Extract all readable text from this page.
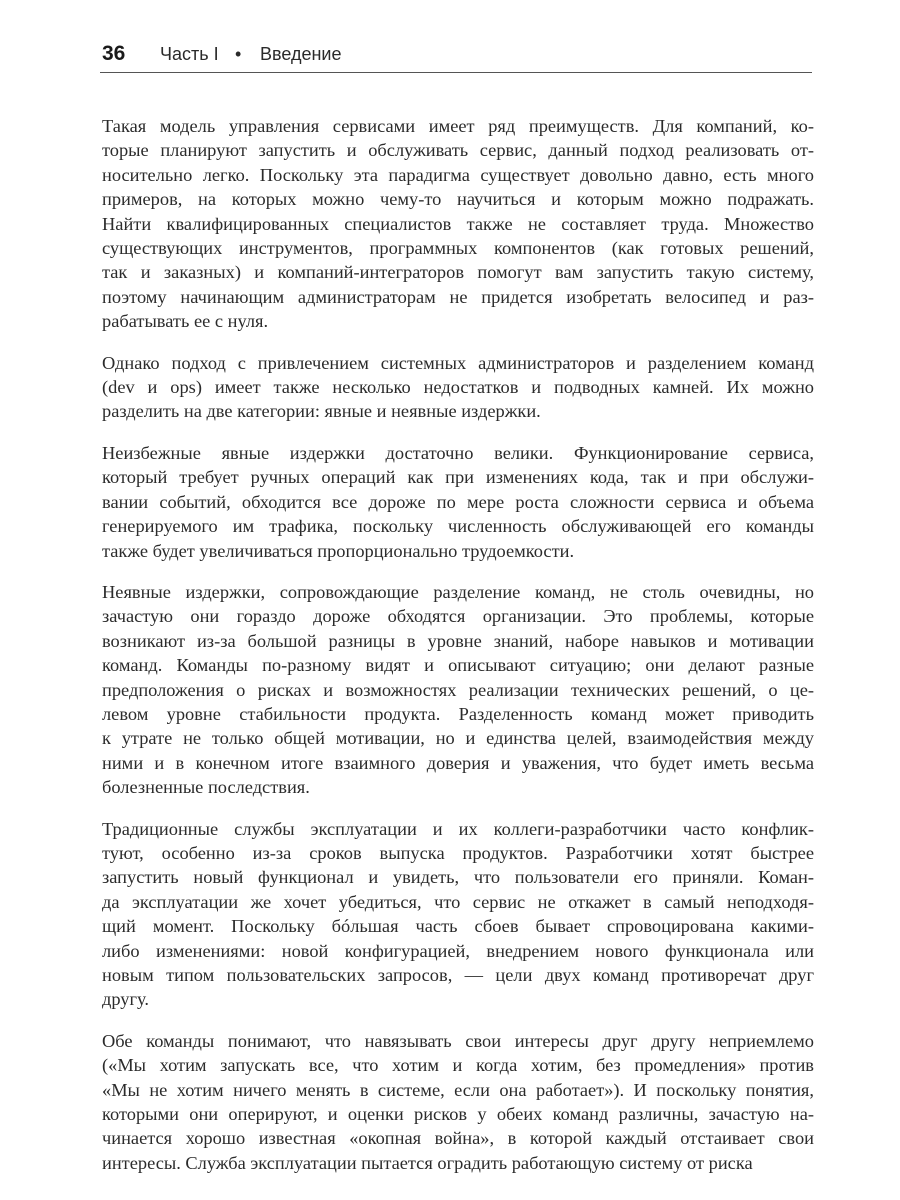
36 Часть I • Введение

Такая модель управления сервисами имеет ряд преимуществ. Для компаний, ко-
торые планируют запустить и обслуживать сервис, данный подход реализовать от-
носительно легко. Поскольку эта парадигма существует довольно давно, есть много
примеров, на которых можно чему-то научиться и которым можно подражать.
Найти квалифицированных специалистов также не составляет труда. Множество
существующих инструментов, программных компонентов (как готовых решений,
так и заказных) и компаний-интеграторов помогут вам запустить такую систему,
поэтому начинающим администраторам не придется изобретать велосипед и раз-
рабатывать ее с нуля.

Однако подход с привлечением системных администраторов и разделением команд
(dev и ops) имеет также несколько недостатков и подводных камней. Их можно
разделить на две категории: явные и неявные издержки.

Неизбежные явные издержки достаточно велики. Функционирование сервиса,
который требует ручных операций как при изменениях кода, так и при обслужи-
вании событий, обходится все дороже по мере роста сложности сервиса и объема
генерируемого им трафика, поскольку численность обслуживающей его команды
также будет увеличиваться пропорционально трудоемкости.

Неявные издержки, сопровождающие разделение команд, не столь очевидны, но
зачастую они гораздо дороже обходятся организации. Это проблемы, которые
возникают из-за большой разницы в уровне знаний, наборе навыков и мотивации
команд. Команды по-разному видят и описывают ситуацию; они делают разные
предположения о рисках и возможностях реализации технических решений, о це-
левом уровне стабильности продукта. Разделенность команд может приводить
к утрате не только общей мотивации, но и единства целей, взаимодействия между
ними и в конечном итоге взаимного доверия и уважения, что будет иметь весьма
болезненные последствия.

Традиционные службы эксплуатации и их коллеги-разработчики часто конфлик-
туют, особенно из-за сроков выпуска продуктов. Разработчики хотят быстрее
запустить новый функционал и увидеть, что пользователи его приняли. Коман-
да эксплуатации же хочет убедиться, что сервис не откажет в самый неподходя-
щий момент. Поскольку бóльшая часть сбоев бывает спровоцирована какими-
либо изменениями: новой конфигурацией, внедрением нового функционала или
новым типом пользовательских запросов, — цели двух команд противоречат друг
другу.

Обе команды понимают, что навязывать свои интересы друг другу неприемлемо
(«Мы хотим запускать все, что хотим и когда хотим, без промедления» против
«Мы не хотим ничего менять в системе, если она работает»). И поскольку понятия,
которыми они оперируют, и оценки рисков у обеих команд различны, зачастую на-
чинается хорошо известная «окопная война», в которой каждый отстаивает свои
интересы. Служба эксплуатации пытается оградить работающую систему от риска
